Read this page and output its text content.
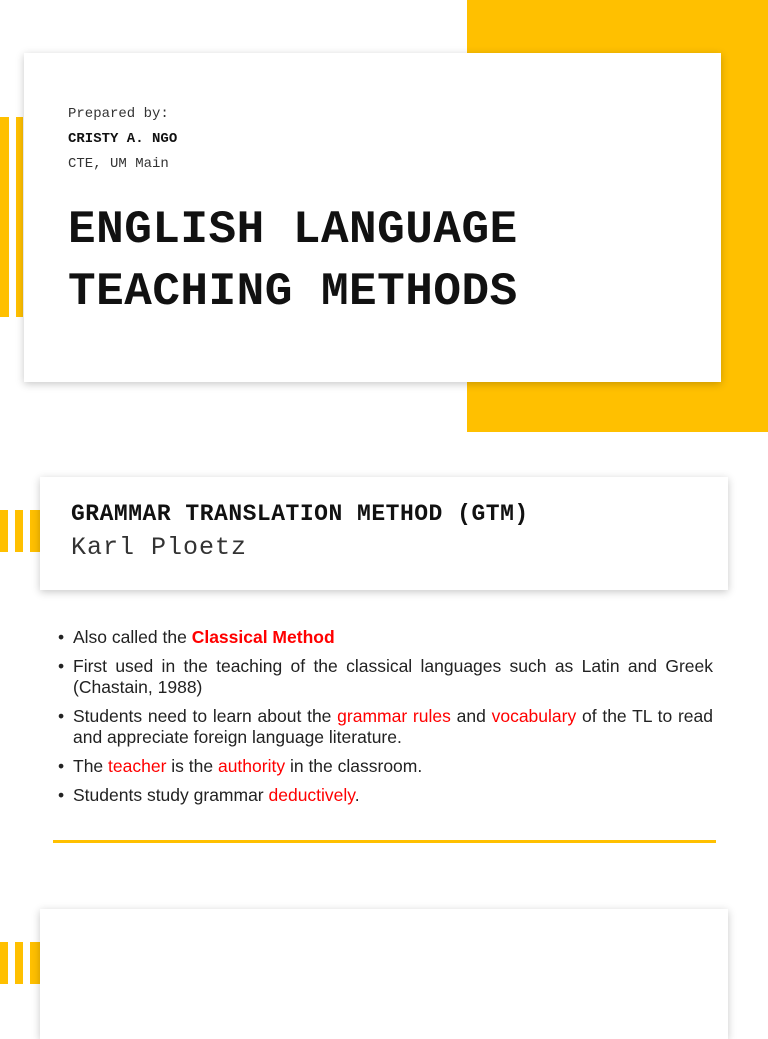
Prepared by:
CRISTY A. NGO
CTE, UM Main
ENGLISH LANGUAGE
TEACHING METHODS
GRAMMAR TRANSLATION METHOD (GTM)

Karl Ploetz

• Also called the Classical Method
• First used in the teaching of the classical languages such as Latin and Greek (Chastain, 1988)
• Students need to learn about the grammar rules and vocabulary of the TL to read and appreciate foreign language literature.
• The teacher is the authority in the classroom.
• Students study grammar deductively.
